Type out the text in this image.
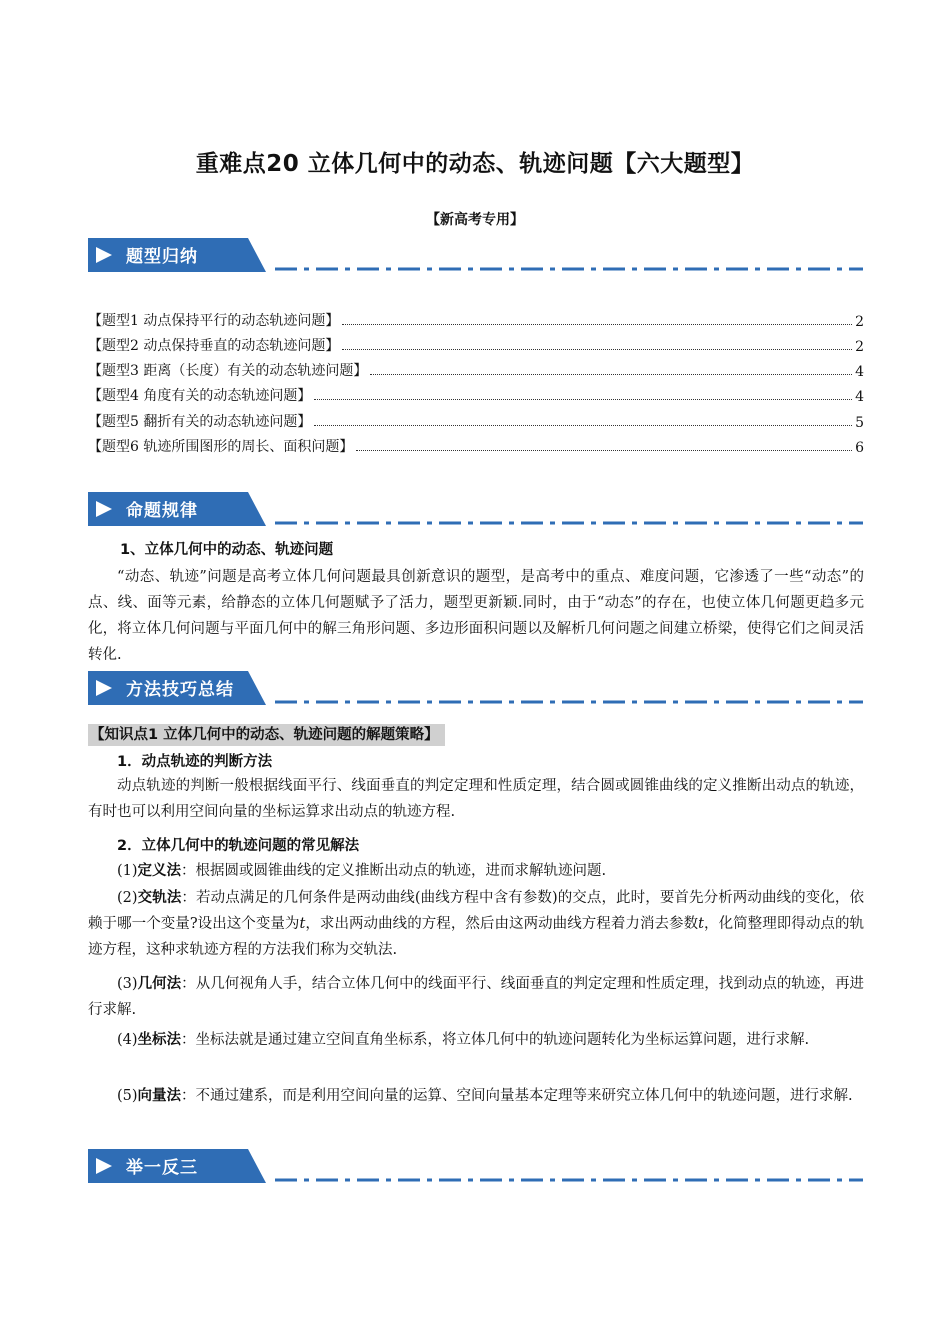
重难点20 立体几何中的动态、轨迹问题【六大题型】
【新高考专用】
题型归纳
【题型1 动点保持平行的动态轨迹问题】	2
【题型2 动点保持垂直的动态轨迹问题】	2
【题型3 距离（长度）有关的动态轨迹问题】	4
【题型4 角度有关的动态轨迹问题】	4
【题型5 翻折有关的动态轨迹问题】	5
【题型6 轨迹所围图形的周长、面积问题】	6
命题规律
1、立体几何中的动态、轨迹问题
“动态、轨迹”问题是高考立体几何问题最具创新意识的题型，是高考中的重点、难度问题，它渗透了一些“动态”的点、线、面等元素，给静态的立体几何题赋予了活力，题型更新颖.同时，由于“动态”的存在，也使立体几何题更趋多元化，将立体几何问题与平面几何中的解三角形问题、多边形面积问题以及解析几何问题之间建立桥梁，使得它们之间灵活转化.
方法技巧总结
【知识点1 立体几何中的动态、轨迹问题的解题策略】
1．动点轨迹的判断方法
动点轨迹的判断一般根据线面平行、线面垂直的判定定理和性质定理，结合圆或圆锥曲线的定义推断出动点的轨迹，有时也可以利用空间向量的坐标运算求出动点的轨迹方程.
2．立体几何中的轨迹问题的常见解法
(1)定义法：根据圆或圆锥曲线的定义推断出动点的轨迹，进而求解轨迹问题.
(2)交轨法：若动点满足的几何条件是两动曲线(曲线方程中含有参数)的交点，此时，要首先分析两动曲线的变化，依赖于哪一个变量?设出这个变量为t，求出两动曲线的方程，然后由这两动曲线方程着力消去参数t，化简整理即得动点的轨迹方程，这种求轨迹方程的方法我们称为交轨法.
(3)几何法：从几何视角人手，结合立体几何中的线面平行、线面垂直的判定定理和性质定理，找到动点的轨迹，再进行求解.
(4)坐标法：坐标法就是通过建立空间直角坐标系，将立体几何中的轨迹问题转化为坐标运算问题，进行求解.
(5)向量法：不通过建系，而是利用空间向量的运算、空间向量基本定理等来研究立体几何中的轨迹问题，进行求解.
举一反三
